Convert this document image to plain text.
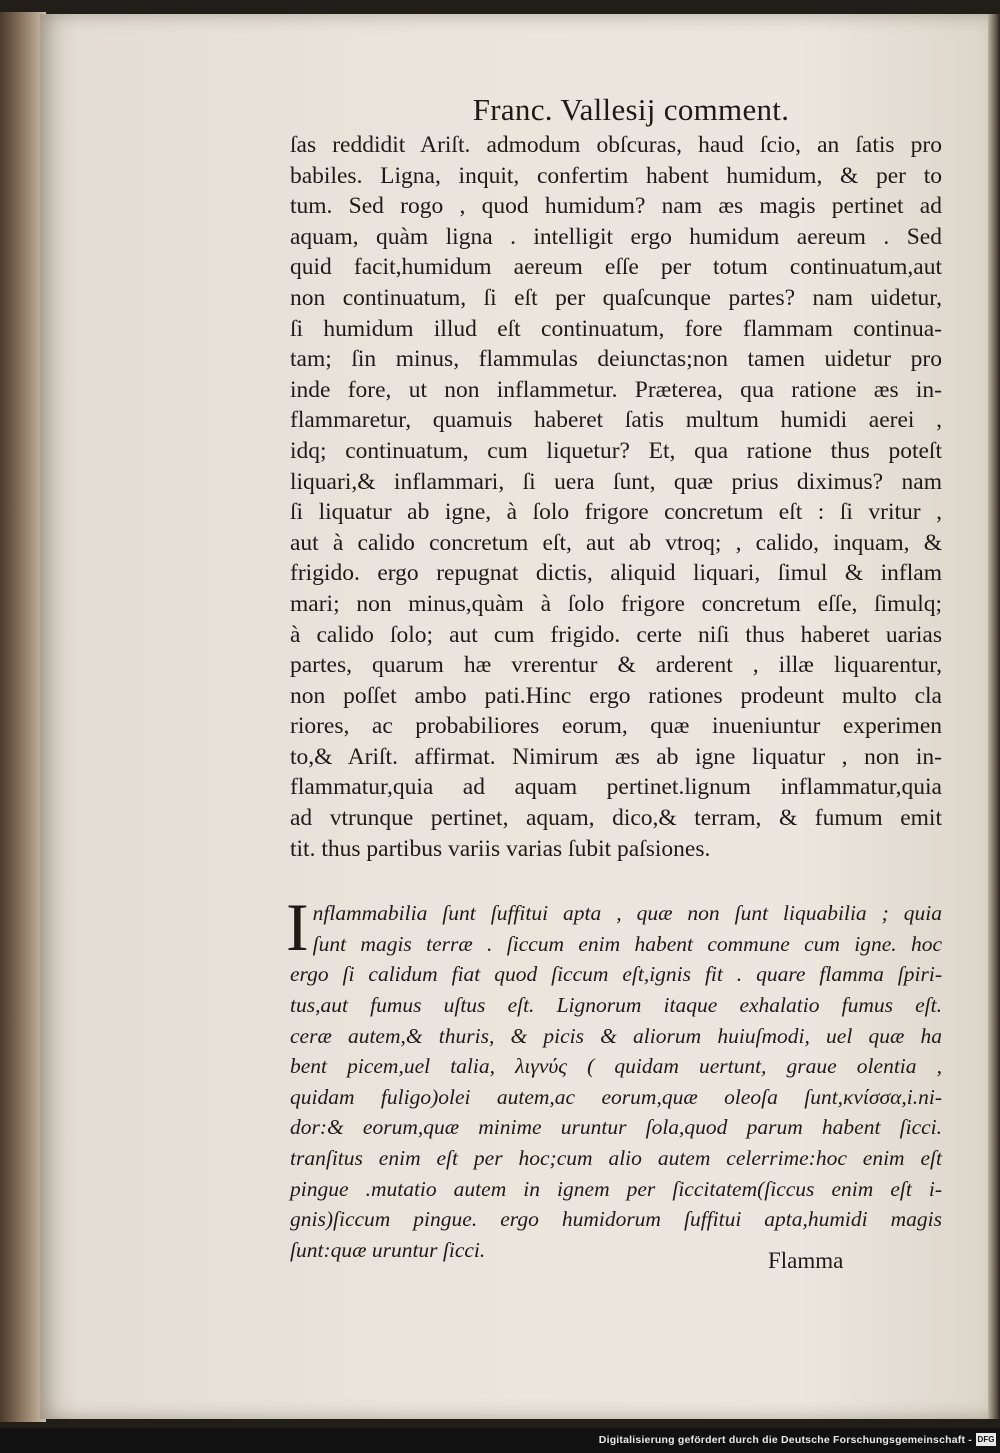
Franc. Vallesij comment.

ſas reddidit Ariſt. admodum obſcuras, haud ſcio, an ſatis pro

babiles. Ligna, inquit, confertim habent humidum, & per to

tum. Sed rogo , quod humidum? nam æs magis pertinet ad

aquam, quàm ligna . intelligit ergo humidum aereum . Sed

quid facit,humidum aereum eſſe per totum continuatum,aut

non continuatum, ſi eſt per quaſcunque partes? nam uidetur,

ſi humidum illud eſt continuatum, fore flammam continua-

tam; ſin minus, flammulas deiunctas;non tamen uidetur pro

inde fore, ut non inflammetur. Præterea, qua ratione æs in-

flammaretur, quamuis haberet ſatis multum humidi aerei ,

idq; continuatum, cum liquetur? Et, qua ratione thus poteſt

liquari,& inflammari, ſi uera ſunt, quæ prius diximus? nam

ſi liquatur ab igne, à ſolo frigore concretum eſt : ſi vritur ,

aut à calido concretum eſt, aut ab vtroq; , calido, inquam, &

frigido. ergo repugnat dictis, aliquid liquari, ſimul & inflam

mari; non minus,quàm à ſolo frigore concretum eſſe, ſimulq;

à calido ſolo; aut cum frigido. certe niſi thus haberet uarias

partes, quarum hæ vrerentur & arderent , illæ liquarentur,

non poſſet ambo pati.Hinc ergo rationes prodeunt multo cla

riores, ac probabiliores eorum, quæ inueniuntur experimen

to,& Ariſt. affirmat. Nimirum æs ab igne liquatur , non in-

flammatur,quia ad aquam pertinet.lignum inflammatur,quia

ad vtrunque pertinet, aquam, dico,& terram, & fumum emit

tit. thus partibus variis varias ſubit paſsiones.

I nflammabilia ſunt ſuffitui apta , quæ non ſunt liquabilia ; quia

ſunt magis terræ . ſiccum enim habent commune cum igne. hoc

ergo ſi calidum fiat quod ſiccum eſt,ignis fit . quare flamma ſpiri-

tus,aut fumus uſtus eſt. Lignorum itaque exhalatio fumus eſt.

ceræ autem,& thuris, & picis & aliorum huiuſmodi, uel quæ ha

bent picem,uel talia, λιγνύς ( quidam uertunt, graue olentia ,

quidam fuligo)olei autem,ac eorum,quæ oleoſa ſunt,κνίσσα,i.ni-

dor:& eorum,quæ minime uruntur ſola,quod parum habent ſicci.

tranſitus enim eſt per hoc;cum alio autem celerrime:hoc enim eſt

pingue .mutatio autem in ignem per ſiccitatem(ſiccus enim eſt i-

gnis)ſiccum pingue. ergo humidorum ſuffitui apta,humidi magis

ſunt:quæ uruntur ſicci.	Flamma
Digitalisierung gefördert durch die Deutsche Forschungsgemeinschaft - DFG
